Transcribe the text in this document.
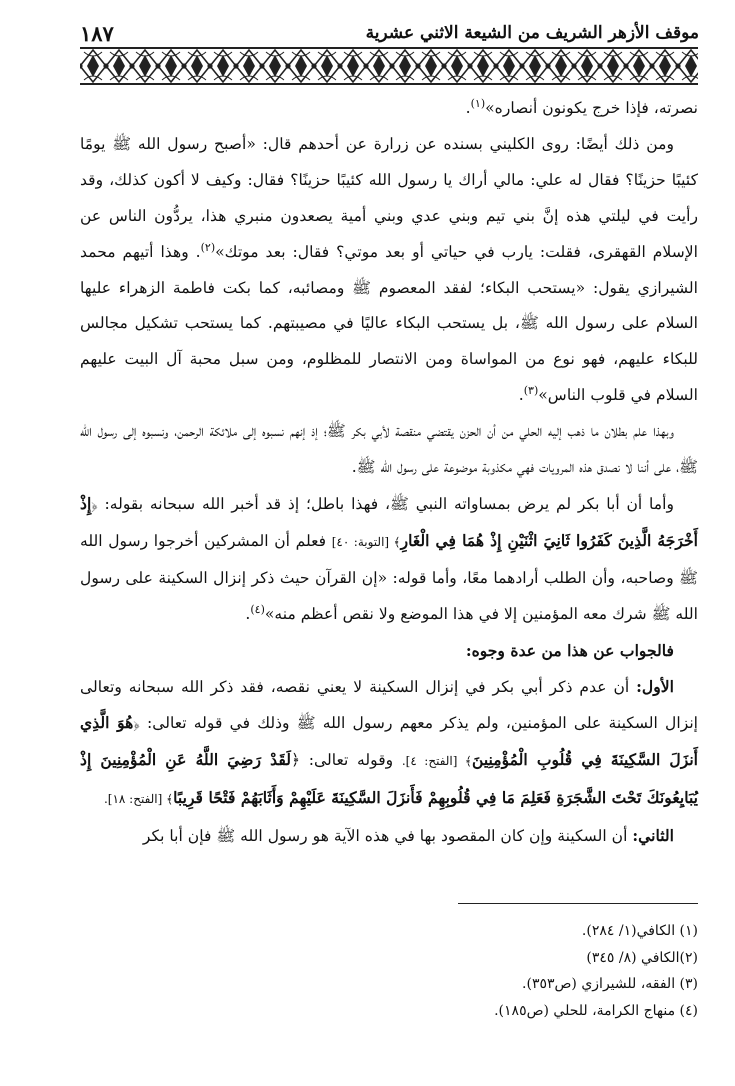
موقف الأزهر الشريف من الشيعة الاثني عشرية
١٨٧

نصرته، فإذا خرج يكونون أنصاره»$^{(١)}$.

ومن ذلك أيضًا: روى الكليني بسنده عن زرارة عن أحدهم قال: «أصبح رسول الله ﷺ يومًا كئيبًا حزينًا؟ فقال له علي: مالي أراك يا رسول الله كئيبًا حزينًا؟ فقال: وكيف لا أكون كذلك، وقد رأيت في ليلتي هذه إنَّ بني تيم وبني عدي وبني أمية يصعدون منبري هذا، يردُّون الناس عن الإسلام القهقرى، فقلت: يارب في حياتي أو بعد موتي؟ فقال: بعد موتك»$^{(٢)}$. وهذا أتيهم محمد الشيرازي يقول: «يستحب البكاء؛ لفقد المعصوم ﷺ ومصائبه، كما بكت فاطمة الزهراء عليها السلام على رسول الله ﷺ، بل يستحب البكاء عاليًا في مصيبتهم. كما يستحب تشكيل مجالس للبكاء عليهم، فهو نوع من المواساة ومن الانتصار للمظلوم، ومن سبل محبة آل البيت عليهم السلام في قلوب الناس»$^{(٣)}$.

وبهذا علم بطلان ما ذهب إليه الحلي من أن الحزن يقتضي منقصة لأبي بكر ﷺ؛ إذ إنهم نسبوه إلى ملائكة الرحمن، ونسبوه إلى رسول الله ﷺ، على أننا لا نصدق هذه المرويات فهي مكذوبة موضوعة على رسول الله ﷺ.

وأما أن أبا بكر لم يرض بمساواته النبي ﷺ، فهذا باطل؛ إذ قد أخبر الله سبحانه بقوله: ﴿إِذْ أَخْرَجَهُ الَّذِينَ كَفَرُوا ثَانِيَ اثْنَيْنِ إِذْ هُمَا فِي الْغَارِ﴾ [التوبة: ٤٠] فعلم أن المشركين أخرجوا رسول الله ﷺ وصاحبه، وأن الطلب أرادهما معًا، وأما قوله: «إن القرآن حيث ذكر إنزال السكينة على رسول الله ﷺ شرك معه المؤمنين إلا في هذا الموضع ولا نقص أعظم منه»$^{(٤)}$.

فالجواب عن هذا من عدة وجوه:

الأول: أن عدم ذكر أبي بكر في إنزال السكينة لا يعني نقصه، فقد ذكر الله سبحانه وتعالى إنزال السكينة على المؤمنين، ولم يذكر معهم رسول الله ﷺ وذلك في قوله تعالى: ﴿هُوَ الَّذِي أَنزَلَ السَّكِينَةَ فِي قُلُوبِ الْمُؤْمِنِينَ﴾ [الفتح: ٤]. وقوله تعالى: ﴿لَقَدْ رَضِيَ اللَّهُ عَنِ الْمُؤْمِنِينَ إِذْ يُبَايِعُونَكَ تَحْتَ الشَّجَرَةِ فَعَلِمَ مَا فِي قُلُوبِهِمْ فَأَنزَلَ السَّكِينَةَ عَلَيْهِمْ وَأَثَابَهُمْ فَتْحًا قَرِيبًا﴾ [الفتح: ١٨].

الثاني: أن السكينة وإن كان المقصود بها في هذه الآية هو رسول الله ﷺ فإن أبا بكر

(١) الكافي(١/ ٢٨٤).

(٢)الكافي (٨/ ٣٤٥)

(٣) الفقه، للشيرازي (ص٣٥٣).

(٤) منهاج الكرامة، للحلي (ص١٨٥).
